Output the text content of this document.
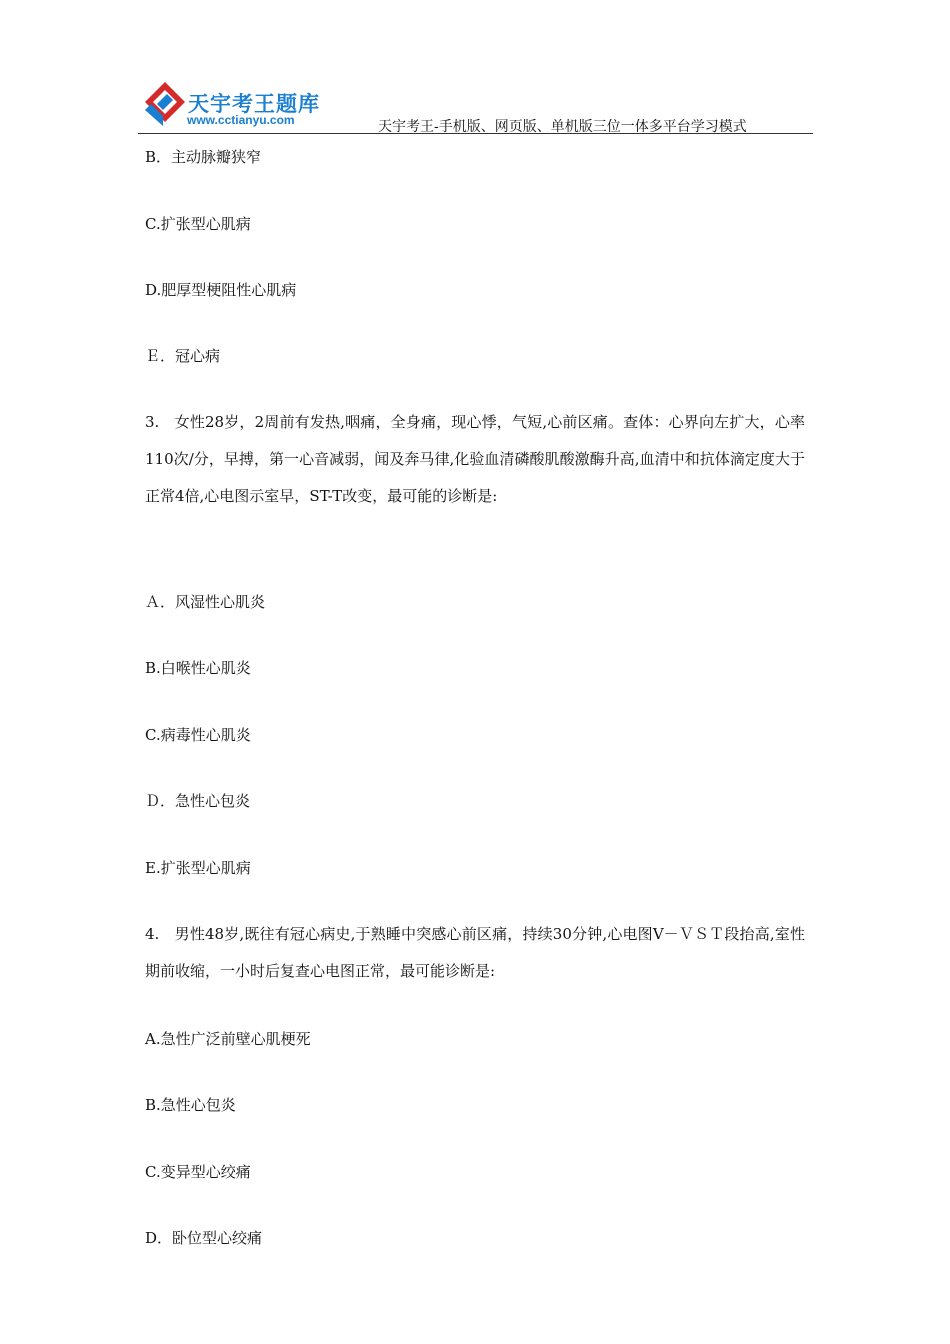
天宇考王题库
www.cctianyu.com	天宇考王-手机版、网页版、单机版三位一体多平台学习模式
B．主动脉瓣狭窄
C.扩张型心肌病
D.肥厚型梗阻性心肌病
Ｅ．冠心病
3.　女性28岁，2周前有发热,咽痛，全身痛，现心悸，气短,心前区痛。查体：心界向左扩大，心率110次/分，早搏，第一心音减弱，闻及奔马律,化验血清磷酸肌酸激酶升高,血清中和抗体滴定度大于正常4倍,心电图示室早，ST-T改变，最可能的诊断是:
Ａ．风湿性心肌炎
B.白喉性心肌炎
C.病毒性心肌炎
Ｄ．急性心包炎
E.扩张型心肌病
4.　男性48岁,既往有冠心病史,于熟睡中突感心前区痛，持续30分钟,心电图V－ＶＳＴ段抬高,室性期前收缩，一小时后复查心电图正常，最可能诊断是:
A.急性广泛前壁心肌梗死
B.急性心包炎
C.变异型心绞痛
D．卧位型心绞痛
